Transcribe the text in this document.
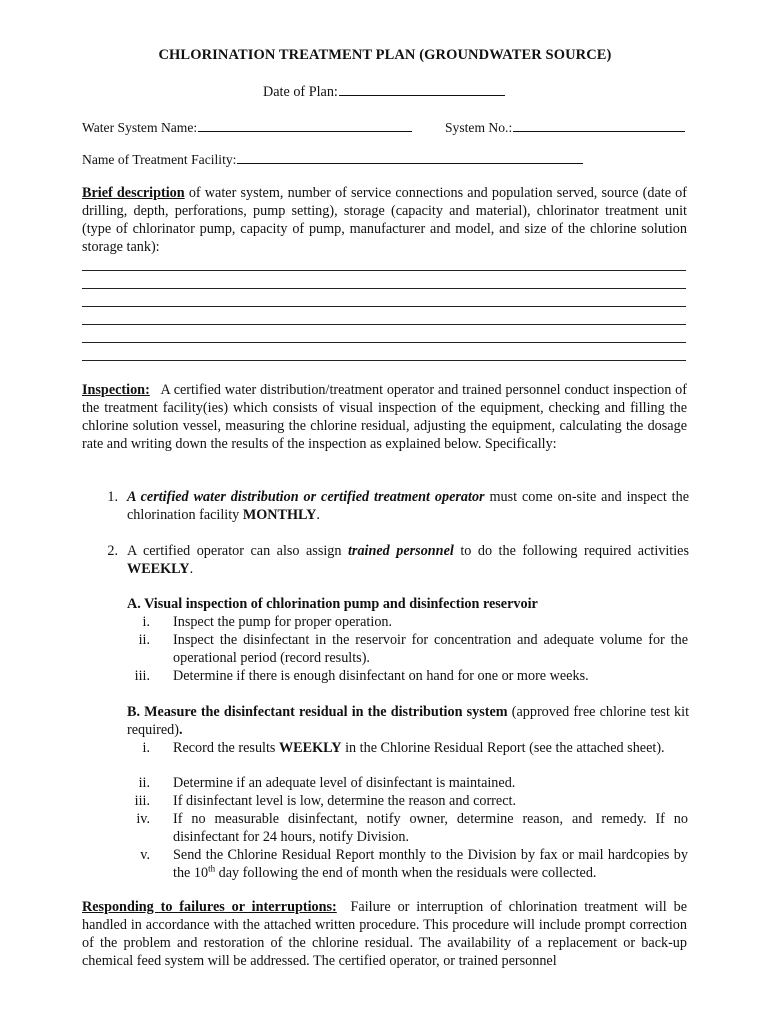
CHLORINATION TREATMENT PLAN (GROUNDWATER SOURCE)
Date of Plan:
Water System Name:	System No.:
Name of Treatment Facility:
Brief description of water system, number of service connections and population served, source (date of drilling, depth, perforations, pump setting), storage (capacity and material), chlorinator treatment unit (type of chlorinator pump, capacity of pump, manufacturer and model, and size of the chlorine solution storage tank):
Inspection: A certified water distribution/treatment operator and trained personnel conduct inspection of the treatment facility(ies) which consists of visual inspection of the equipment, checking and filling the chlorine solution vessel, measuring the chlorine residual, adjusting the equipment, calculating the dosage rate and writing down the results of the inspection as explained below. Specifically:
1. A certified water distribution or certified treatment operator must come on-site and inspect the chlorination facility MONTHLY.
2. A certified operator can also assign trained personnel to do the following required activities WEEKLY.
A. Visual inspection of chlorination pump and disinfection reservoir
i. Inspect the pump for proper operation.
ii. Inspect the disinfectant in the reservoir for concentration and adequate volume for the operational period (record results).
iii. Determine if there is enough disinfectant on hand for one or more weeks.
B. Measure the disinfectant residual in the distribution system (approved free chlorine test kit required).
i. Record the results WEEKLY in the Chlorine Residual Report (see the attached sheet).
ii. Determine if an adequate level of disinfectant is maintained.
iii. If disinfectant level is low, determine the reason and correct.
iv. If no measurable disinfectant, notify owner, determine reason, and remedy. If no disinfectant for 24 hours, notify Division.
v. Send the Chlorine Residual Report monthly to the Division by fax or mail hardcopies by the 10th day following the end of month when the residuals were collected.
Responding to failures or interruptions: Failure or interruption of chlorination treatment will be handled in accordance with the attached written procedure. This procedure will include prompt correction of the problem and restoration of the chlorine residual. The availability of a replacement or back-up chemical feed system will be addressed. The certified operator, or trained personnel
